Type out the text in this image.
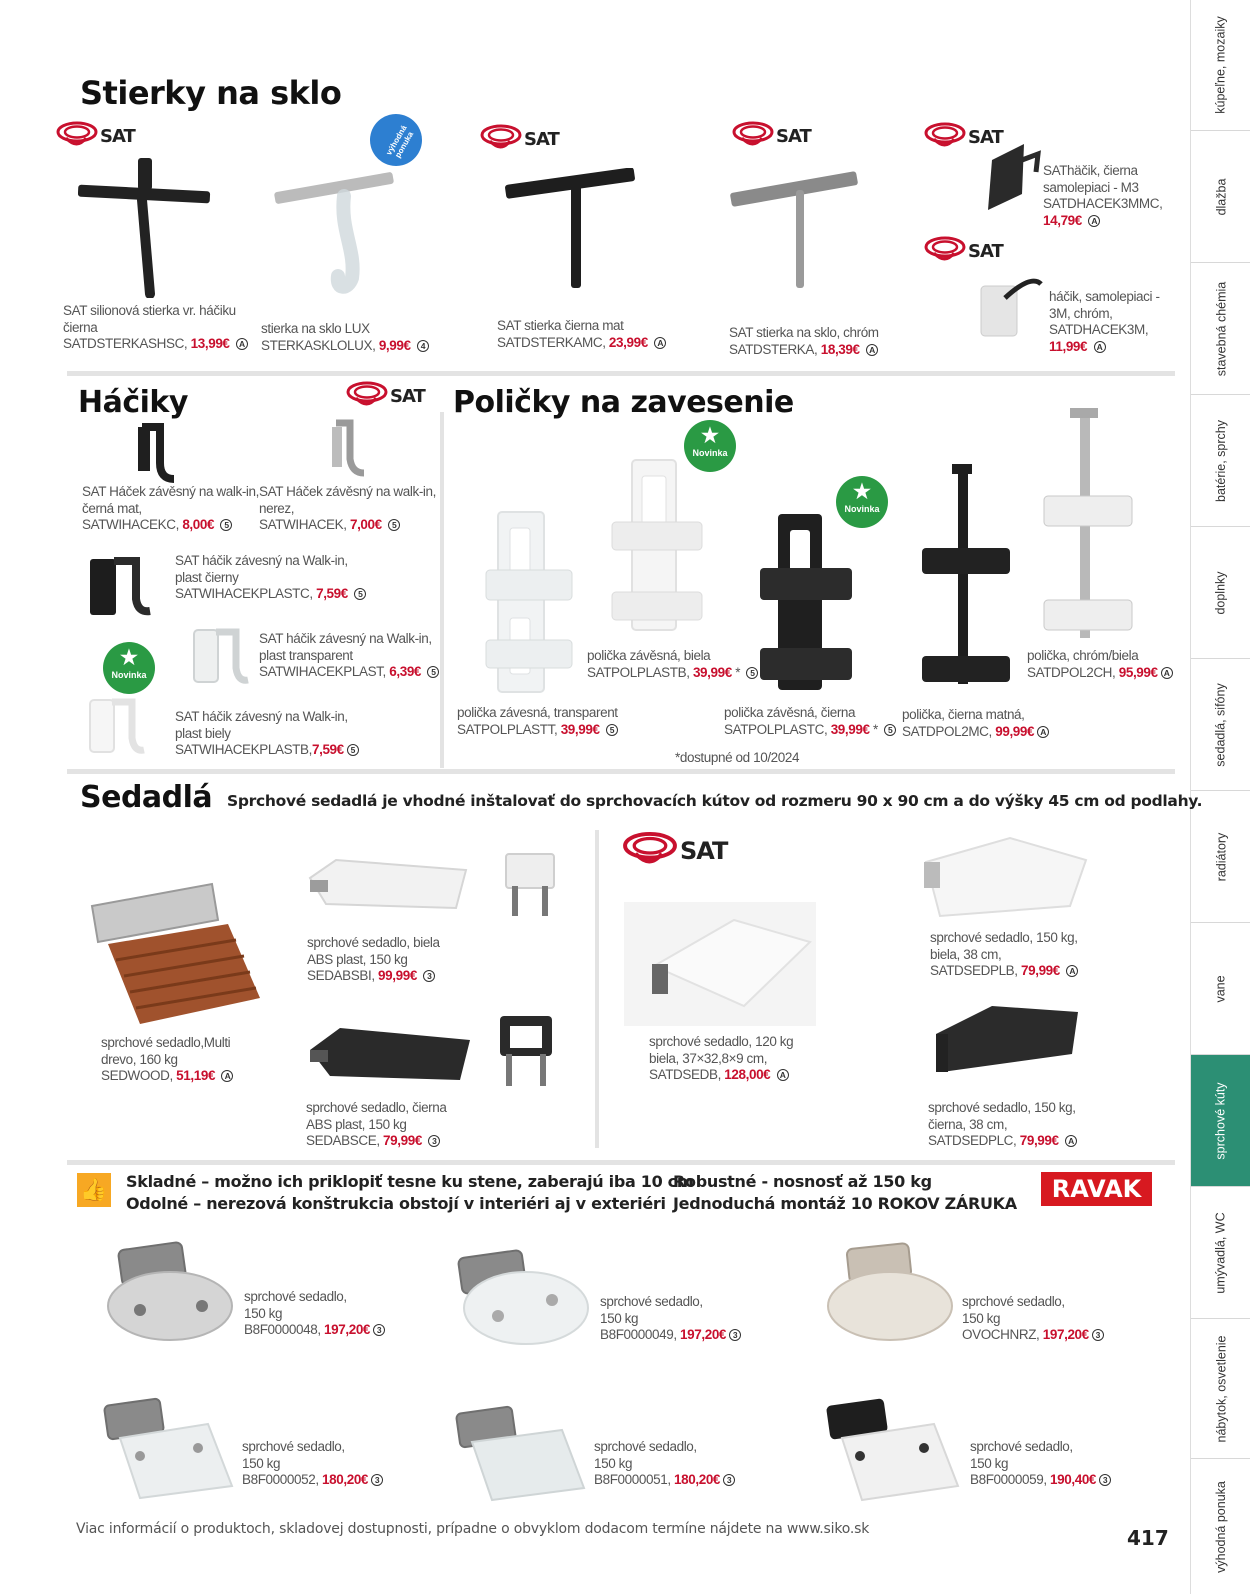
kúpeľne, mozaiky
dlažba
stavebná chémia
batérie, sprchy
doplnky
sedadlá, sifóny
radiátory
vane
sprchové kúty
umývadlá, WC
nábytok, osvetlenie
výhodná ponuka
Stierky na sklo
SAT	SAT	SAT	SAT
SAT
výhodná ponuka
SAT silionová stierka vr. háčiku
čierna
SATDSTERKASHSC, 13,99€ A
stierka na sklo LUX
STERKASKLOLUX, 9,99€ 4
SAT stierka čierna mat
SATDSTERKAMC, 23,99€ A
SAT stierka na sklo, chróm
SATDSTERKA, 18,39€ A
SAThäčik, čierna
samolepiaci - M3
SATDHACEK3MMC,
14,79€ A
háčik, samolepiaci -
3M, chróm,
SATDHACEK3M,
11,99€ A
Háčiky	SAT
SAT Háček závěsný na walk-in,
černá mat,
SATWIHACEKC, 8,00€ 5
SAT Háček závěsný na walk-in,
nerez,
SATWIHACEK, 7,00€ 5
SAT háčik závesný na Walk-in,
plast čierny
SATWIHACEKPLASTC, 7,59€ 5
★
Novinka
SAT háčik závesný na Walk-in,
plast transparent
SATWIHACEKPLAST, 6,39€ 5
SAT háčik závesný na Walk-in,
plast biely
SATWIHACEKPLASTB,7,59€ 5
Poličky na zavesenie
★
Novinka
★
Novinka
polička závesná, transparent
SATPOLPLASTT, 39,99€ 5
polička závěsná, biela
SATPOLPLASTB, 39,99€ * 5
polička závěsná, čierna
SATPOLPLASTC, 39,99€ * 5
polička, čierna matná,
SATDPOL2MC, 99,99€ A
polička, chróm/biela
SATDPOL2CH, 95,99€ A
*dostupné od 10/2024
Sedadlá Sprchové sedadlá je vhodné inštalovať do sprchovacích kútov od rozmeru 90 x 90 cm a do výšky 45 cm od podlahy.
SAT
sprchové sedadlo,Multi
drevo, 160 kg
SEDWOOD, 51,19€ A
sprchové sedadlo, biela
ABS plast, 150 kg
SEDABSBI, 99,99€ 3
sprchové sedadlo, čierna
ABS plast, 150 kg
SEDABSCE, 79,99€ 3
sprchové sedadlo, 120 kg
biela, 37×32,8×9 cm,
SATDSEDB, 128,00€ A
sprchové sedadlo, 150 kg,
biela, 38 cm,
SATDSEDPLB, 79,99€ A
sprchové sedadlo, 150 kg,
čierna, 38 cm,
SATDSEDPLC, 79,99€ A
👍 Skladné – možno ich priklopiť tesne ku stene, zaberajú iba 10 cm
Odolné – nerezová konštrukcia obstojí v interiéri aj v exteriéri
Robustné - nosnosť až 150 kg
Jednoduchá montáž 10 ROKOV ZÁRUKA
RAVAK
sprchové sedadlo,
150 kg
B8F0000048, 197,20€ 3
sprchové sedadlo,
150 kg
B8F0000049, 197,20€ 3
sprchové sedadlo,
150 kg
OVOCHNRZ, 197,20€ 3
sprchové sedadlo,
150 kg
B8F0000052, 180,20€ 3
sprchové sedadlo,
150 kg
B8F0000051, 180,20€ 3
sprchové sedadlo,
150 kg
B8F0000059, 190,40€ 3
Viac informácií o produktoch, skladovej dostupnosti, prípadne o obvyklom dodacom termíne nájdete na www.siko.sk	417
